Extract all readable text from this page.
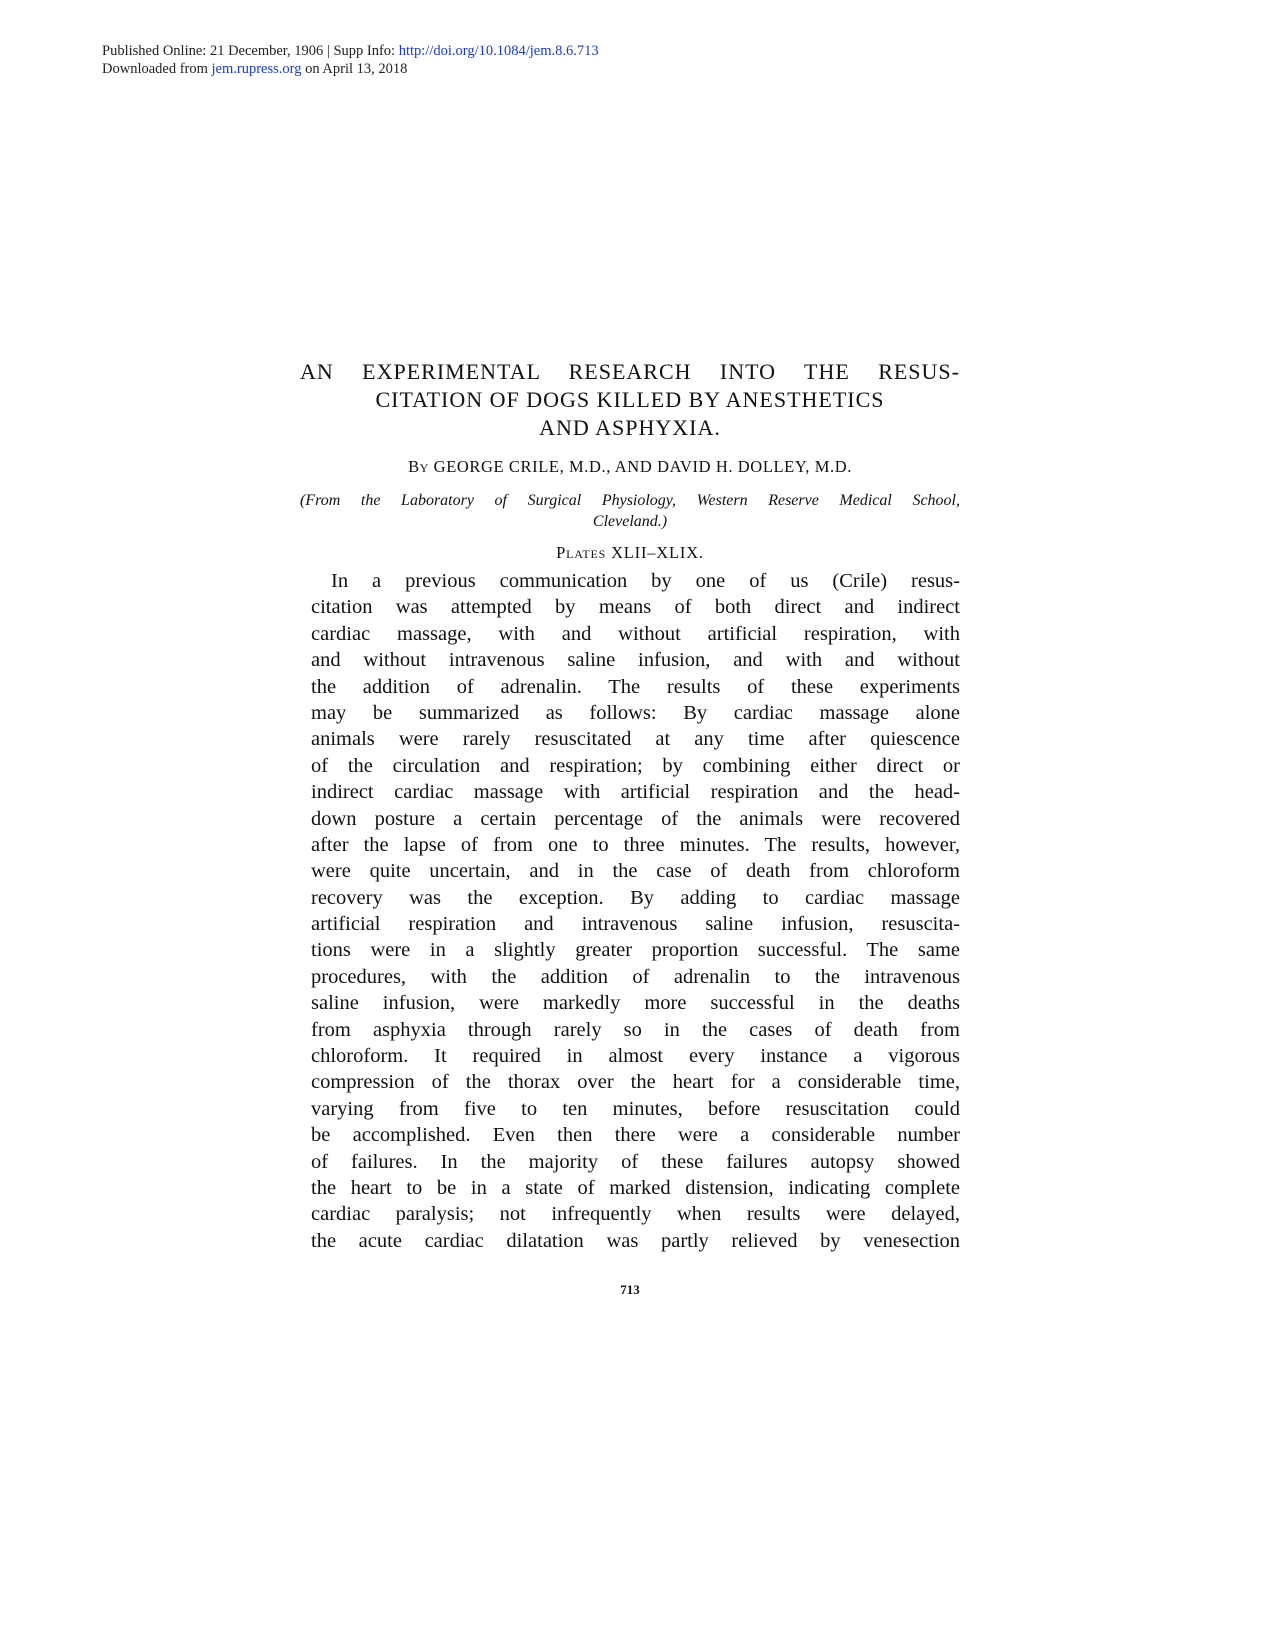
Published Online: 21 December, 1906 | Supp Info: http://doi.org/10.1084/jem.8.6.713
Downloaded from jem.rupress.org on April 13, 2018
AN EXPERIMENTAL RESEARCH INTO THE RESUS-
CITATION OF DOGS KILLED BY ANESTHETICS
AND ASPHYXIA.
By GEORGE CRILE, M.D., AND DAVID H. DOLLEY, M.D.
(From the Laboratory of Surgical Physiology, Western Reserve Medical School,
Cleveland.)
Plates XLII–XLIX.
In a previous communication by one of us (Crile) resus-
citation was attempted by means of both direct and indirect
cardiac massage, with and without artificial respiration, with
and without intravenous saline infusion, and with and without
the addition of adrenalin. The results of these experiments
may be summarized as follows: By cardiac massage alone
animals were rarely resuscitated at any time after quiescence
of the circulation and respiration; by combining either direct or
indirect cardiac massage with artificial respiration and the head-
down posture a certain percentage of the animals were recovered
after the lapse of from one to three minutes. The results, however,
were quite uncertain, and in the case of death from chloroform
recovery was the exception. By adding to cardiac massage
artificial respiration and intravenous saline infusion, resuscita-
tions were in a slightly greater proportion successful. The same
procedures, with the addition of adrenalin to the intravenous
saline infusion, were markedly more successful in the deaths
from asphyxia through rarely so in the cases of death from
chloroform. It required in almost every instance a vigorous
compression of the thorax over the heart for a considerable time,
varying from five to ten minutes, before resuscitation could
be accomplished. Even then there were a considerable number
of failures. In the majority of these failures autopsy showed
the heart to be in a state of marked distension, indicating complete
cardiac paralysis; not infrequently when results were delayed,
the acute cardiac dilatation was partly relieved by venesection
713
